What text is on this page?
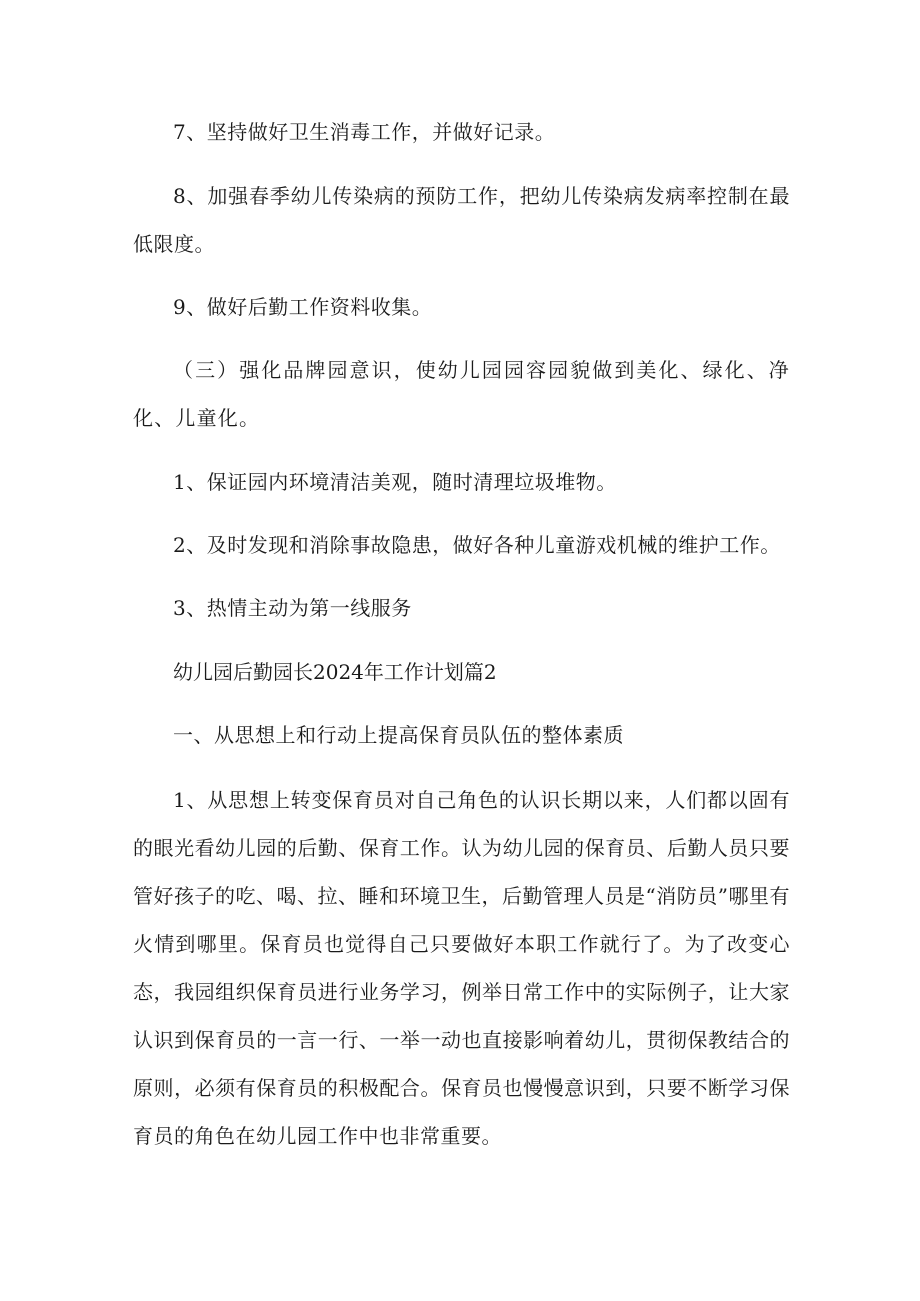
7、坚持做好卫生消毒工作，并做好记录。

8、加强春季幼儿传染病的预防工作，把幼儿传染病发病率控制在最低限度。

9、做好后勤工作资料收集。

（三）强化品牌园意识，使幼儿园园容园貌做到美化、绿化、净化、儿童化。

1、保证园内环境清洁美观，随时清理垃圾堆物。

2、及时发现和消除事故隐患，做好各种儿童游戏机械的维护工作。

3、热情主动为第一线服务

幼儿园后勤园长2024年工作计划篇2

一、从思想上和行动上提高保育员队伍的整体素质

1、从思想上转变保育员对自己角色的认识长期以来，人们都以固有的眼光看幼儿园的后勤、保育工作。认为幼儿园的保育员、后勤人员只要管好孩子的吃、喝、拉、睡和环境卫生，后勤管理人员是“消防员”哪里有火情到哪里。保育员也觉得自己只要做好本职工作就行了。为了改变心态，我园组织保育员进行业务学习，例举日常工作中的实际例子，让大家认识到保育员的一言一行、一举一动也直接影响着幼儿，贯彻保教结合的原则，必须有保育员的积极配合。保育员也慢慢意识到，只要不断学习保育员的角色在幼儿园工作中也非常重要。
